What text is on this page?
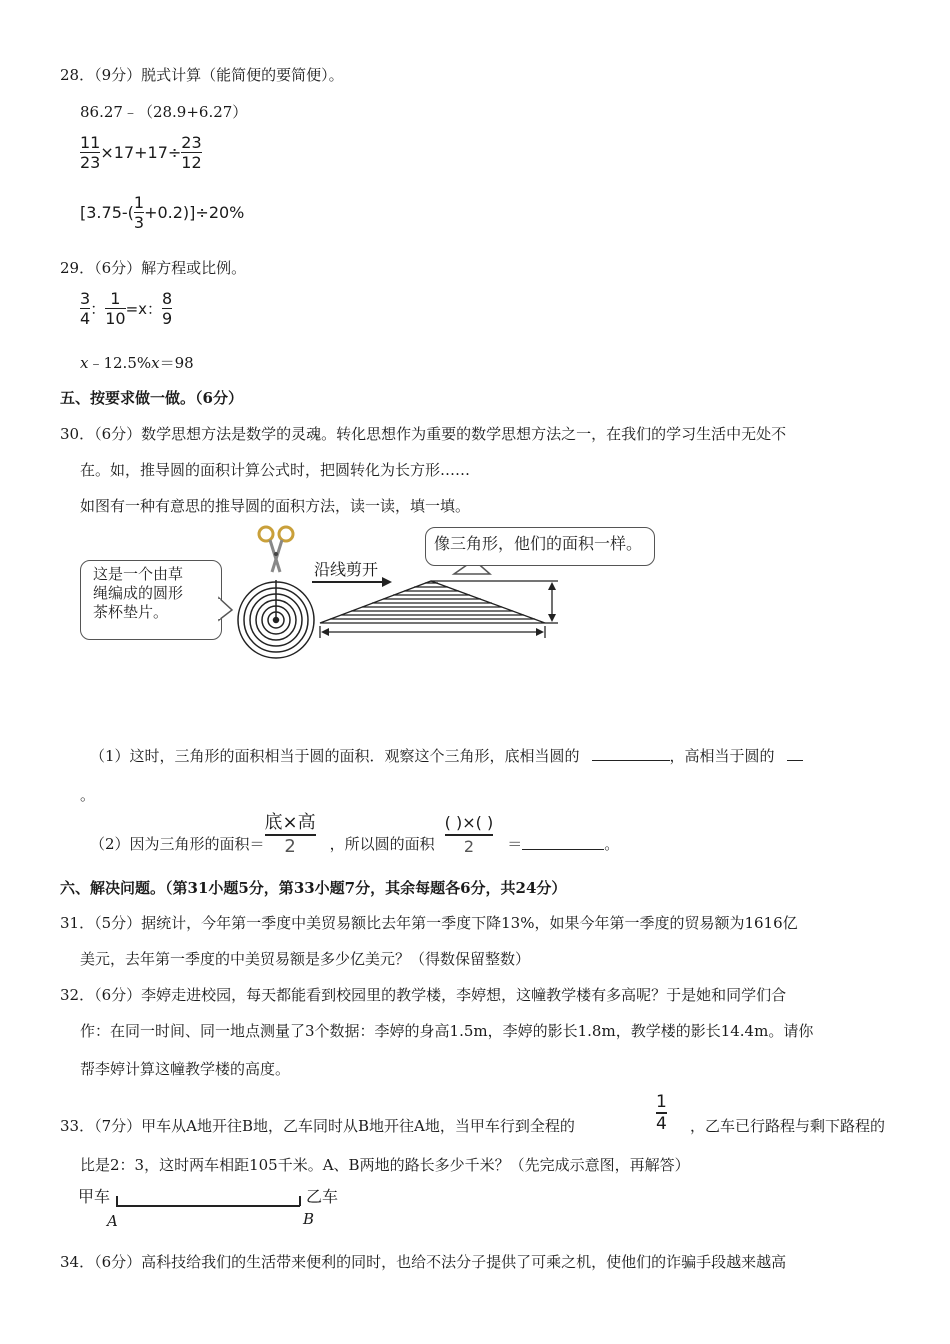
28．（9分）脱式计算（能简便的要简便）。
86.27﹣（28.9+6.27）
$\frac{11}{23} \times 17+17\div \frac{23}{12}$
$[3.75-( \frac{1}{3} +0.2)]\div 20\%$
29．（6分）解方程或比例。
$\frac{3}{4}$ ： $\frac{1}{10} =x$： $\frac{8}{9}$
x﹣12.5%x＝98
五、按要求做一做。（6分）
30．（6分）数学思想方法是数学的灵魂。转化思想作为重要的数学思想方法之一，在我们的学习生活中无处不
在。如，推导圆的面积计算公式时，把圆转化为长方形……
如图有一种有意思的推导圆的面积方法，读一读，填一填。
这是一个由草
绳编成的圆形
茶杯垫片。
沿线剪开
像三角形，他们的面积一样。
（1）这时，三角形的面积相当于圆的面积．观察这个三角形，底相当圆的	，高相当于圆的
。
（2）因为三角形的面积＝ $\frac{\text{底×高}}{2}$ ，所以圆的面积 $\frac{( )\times( )}{2}$ ＝	。
六、解决问题。（第31小题5分，第33小题7分，其余每题各6分，共24分）
31．（5分）据统计，今年第一季度中美贸易额比去年第一季度下降13%，如果今年第一季度的贸易额为1616亿
美元，去年第一季度的中美贸易额是多少亿美元？（得数保留整数）
32．（6分）李婷走进校园，每天都能看到校园里的教学楼，李婷想，这幢教学楼有多高呢？于是她和同学们合
作：在同一时间、同一地点测量了3个数据：李婷的身高1.5m，李婷的影长1.8m，教学楼的影长14.4m。请你
帮李婷计算这幢教学楼的高度。
33．（7分）甲车从A地开往B地，乙车同时从B地开往A地，当甲车行到全程的
1
4 ，乙车已行路程与剩下路程的
比是2：3，这时两车相距105千米。A、B两地的路长多少千米？（先完成示意图，再解答）
甲车	乙车
A	B
34．（6分）高科技给我们的生活带来便利的同时，也给不法分子提供了可乘之机，使他们的诈骗手段越来越高
